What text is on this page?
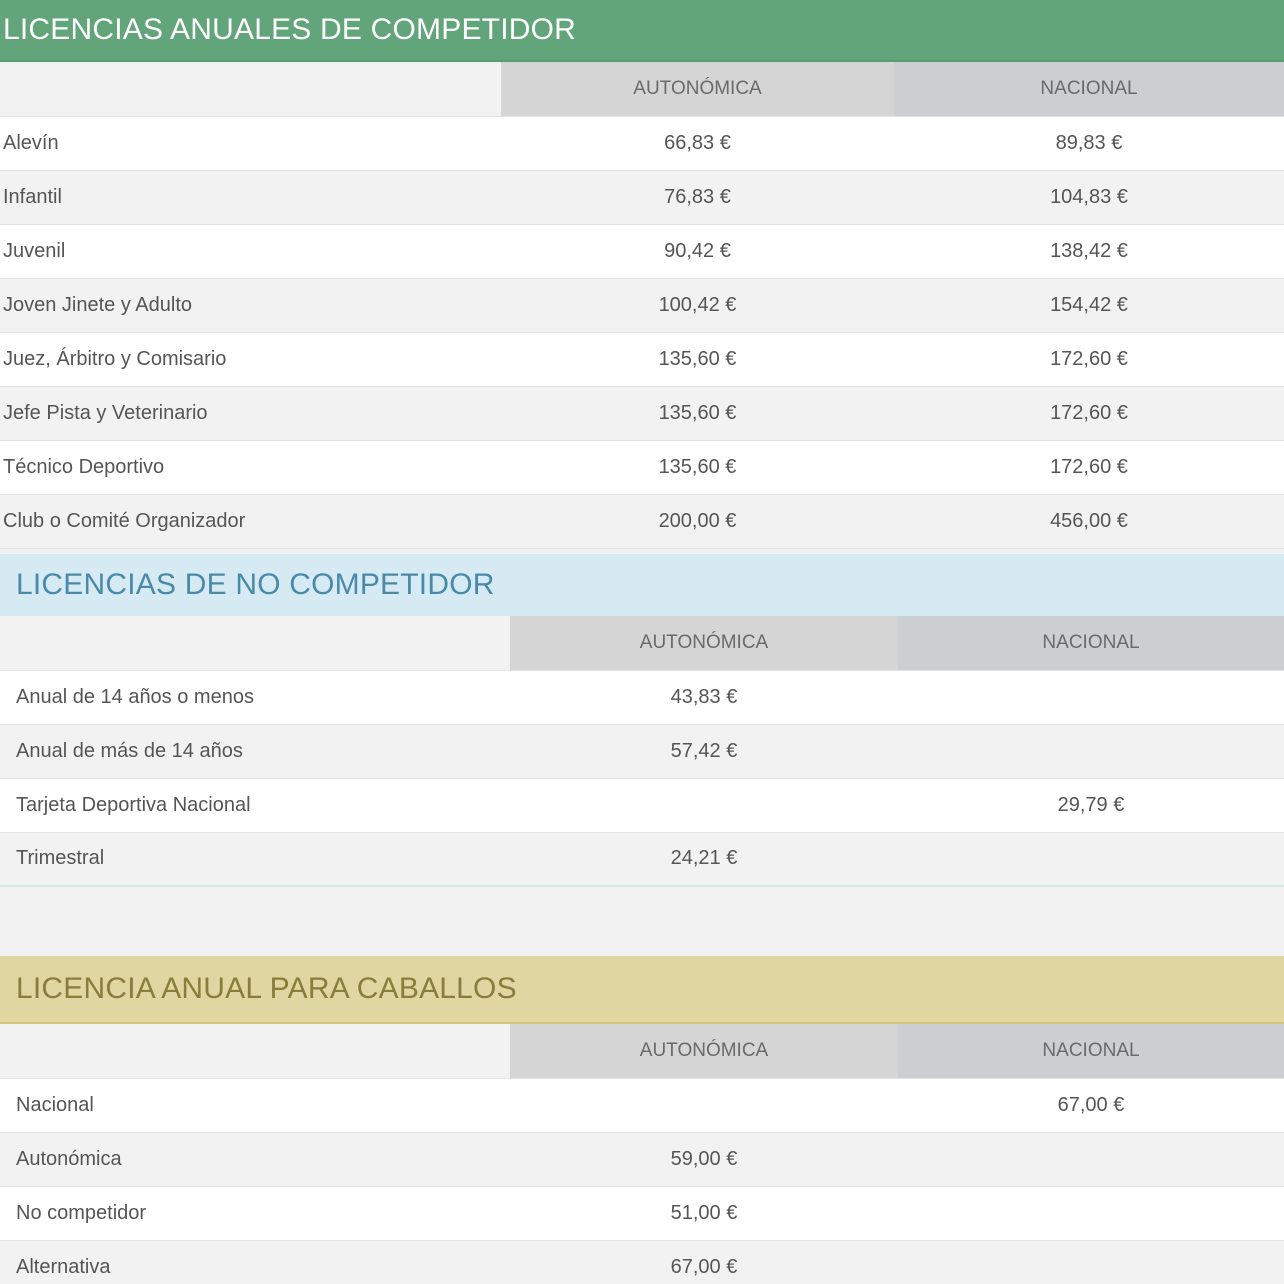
LICENCIAS ANUALES DE COMPETIDOR
	AUTONÓMICA	NACIONAL
Alevín	66,83 €	89,83 €
Infantil	76,83 €	104,83 €
Juvenil	90,42 €	138,42 €
Joven Jinete y Adulto	100,42 €	154,42 €
Juez, Árbitro y Comisario	135,60 €	172,60 €
Jefe Pista y Veterinario	135,60 €	172,60 €
Técnico Deportivo	135,60 €	172,60 €
Club o Comité Organizador	200,00 €	456,00 €
LICENCIAS DE NO COMPETIDOR
	AUTONÓMICA	NACIONAL
Anual de 14 años o menos	43,83 €	
Anual de más de 14 años	57,42 €	
Tarjeta Deportiva Nacional		29,79 €
Trimestral	24,21 €	
LICENCIA ANUAL PARA CABALLOS
	AUTONÓMICA	NACIONAL
Nacional		67,00 €
Autonómica	59,00 €	
No competidor	51,00 €	
Alternativa	67,00 €	
